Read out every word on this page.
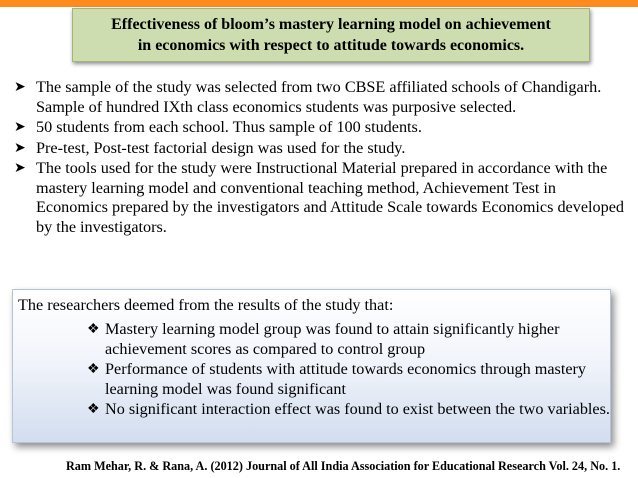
Effectiveness of bloom’s mastery learning model on achievement
in economics with respect to attitude towards economics.
➤ The sample of the study was selected from two CBSE affiliated schools of Chandigarh. Sample of hundred IXth class economics students was purposive selected.
➤ 50 students from each school. Thus sample of 100 students.
➤ Pre-test, Post-test factorial design was used for the study.
➤ The tools used for the study were Instructional Material prepared in accordance with the mastery learning model and conventional teaching method, Achievement Test in Economics prepared by the investigators and Attitude Scale towards Economics developed by the investigators.
The researchers deemed from the results of the study that:
❖ Mastery learning model group was found to attain significantly higher achievement scores as compared to control group
❖ Performance of students with attitude towards economics through mastery learning model was found significant
❖ No significant interaction effect was found to exist between the two variables.
Ram Mehar, R. & Rana, A. (2012) Journal of All India Association for Educational Research Vol. 24, No. 1.
